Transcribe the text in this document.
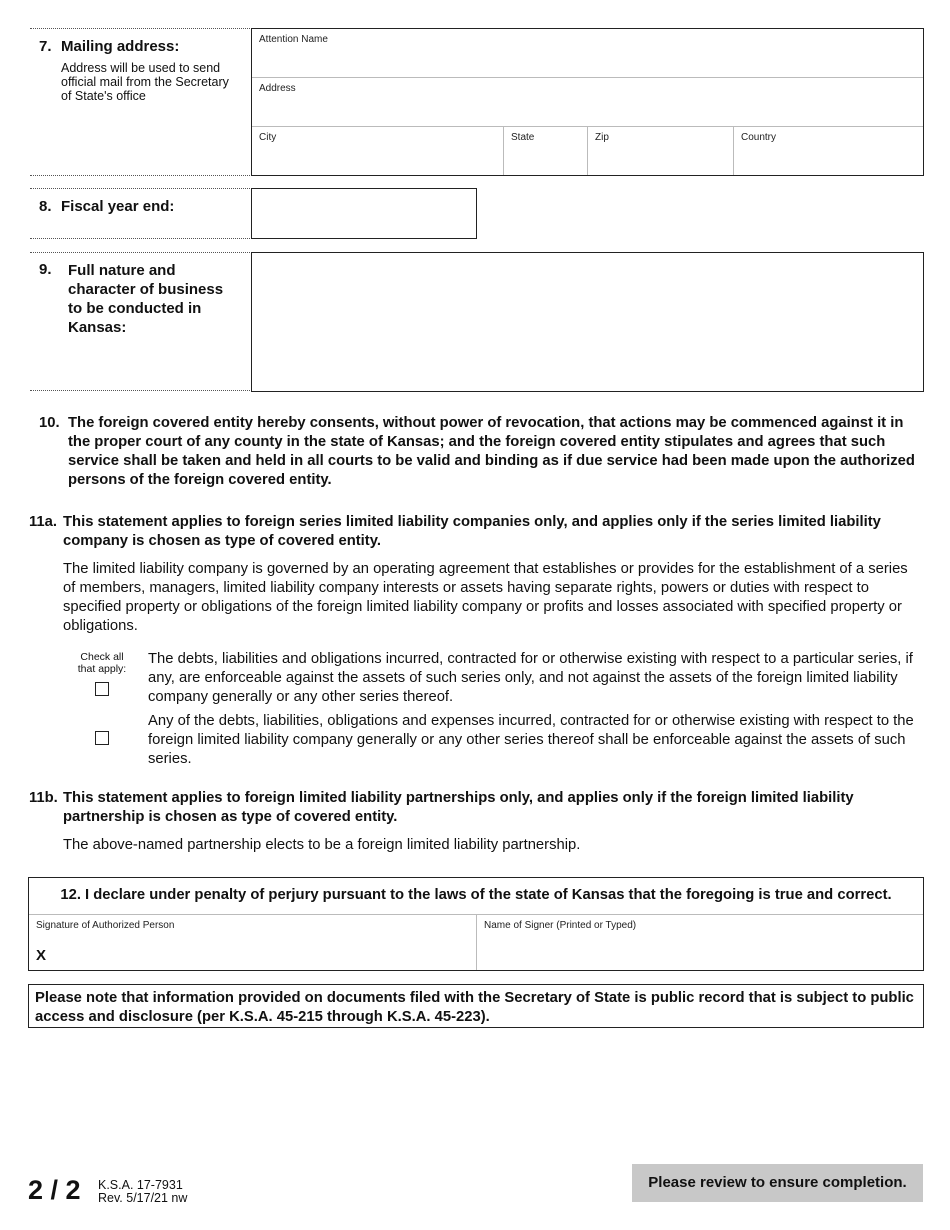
7. Mailing address:
Address will be used to send official mail from the Secretary of State's office
Attention Name
Address
City	State	Zip	Country
8. Fiscal year end:
9. Full nature and character of business to be conducted in Kansas:
10. The foreign covered entity hereby consents, without power of revocation, that actions may be commenced against it in the proper court of any county in the state of Kansas; and the foreign covered entity stipulates and agrees that such service shall be taken and held in all courts to be valid and binding as if due service had been made upon the authorized persons of the foreign covered entity.
11a. This statement applies to foreign series limited liability companies only, and applies only if the series limited liability company is chosen as type of covered entity.
The limited liability company is governed by an operating agreement that establishes or provides for the establishment of a series of members, managers, limited liability company interests or assets having separate rights, powers or duties with respect to specified property or obligations of the foreign limited liability company or profits and losses associated with specified property or obligations.
Check all that apply:
The debts, liabilities and obligations incurred, contracted for or otherwise existing with respect to a particular series, if any, are enforceable against the assets of such series only, and not against the assets of the foreign limited liability company generally or any other series thereof.
Any of the debts, liabilities, obligations and expenses incurred, contracted for or otherwise existing with respect to the foreign limited liability company generally or any other series thereof shall be enforceable against the assets of such series.
11b. This statement applies to foreign limited liability partnerships only, and applies only if the foreign limited liability partnership is chosen as type of covered entity.
The above-named partnership elects to be a foreign limited liability partnership.
12. I declare under penalty of perjury pursuant to the laws of the state of Kansas that the foregoing is true and correct.
Signature of Authorized Person
X
Name of Signer (Printed or Typed)
Please note that information provided on documents filed with the Secretary of State is public record that is subject to public access and disclosure (per K.S.A. 45-215 through K.S.A. 45-223).
2 / 2 K.S.A. 17-7931
Rev. 5/17/21 nw
Please review to ensure completion.
